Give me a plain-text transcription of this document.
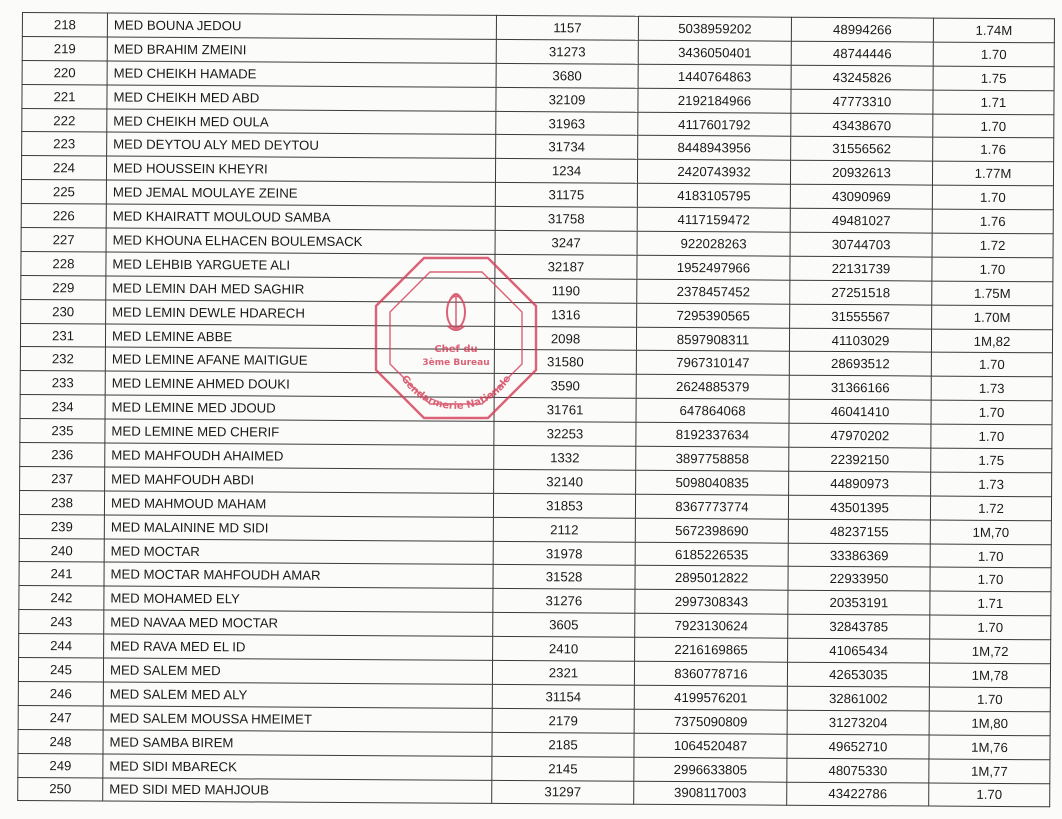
218	MED BOUNA JEDOU	1157	5038959202	48994266	1.74M
219	MED BRAHIM ZMEINI	31273	3436050401	48744446	1.70
220	MED CHEIKH HAMADE	3680	1440764863	43245826	1.75
221	MED CHEIKH MED ABD	32109	2192184966	47773310	1.71
222	MED CHEIKH MED OULA	31963	4117601792	43438670	1.70
223	MED DEYTOU ALY MED DEYTOU	31734	8448943956	31556562	1.76
224	MED HOUSSEIN KHEYRI	1234	2420743932	20932613	1.77M
225	MED JEMAL MOULAYE ZEINE	31175	4183105795	43090969	1.70
226	MED KHAIRATT MOULOUD SAMBA	31758	4117159472	49481027	1.76
227	MED KHOUNA ELHACEN BOULEMSACK	3247	922028263	30744703	1.72
228	MED LEHBIB YARGUETE ALI	32187	1952497966	22131739	1.70
229	MED LEMIN DAH MED SAGHIR	1190	2378457452	27251518	1.75M
230	MED LEMIN DEWLE HDARECH	1316	7295390565	31555567	1.70M
231	MED LEMINE ABBE	2098	8597908311	41103029	1M,82
232	MED LEMINE AFANE MAITIGUE	31580	7967310147	28693512	1.70
233	MED LEMINE AHMED DOUKI	3590	2624885379	31366166	1.73
234	MED LEMINE MED JDOUD	31761	647864068	46041410	1.70
235	MED LEMINE MED CHERIF	32253	8192337634	47970202	1.70
236	MED MAHFOUDH AHAIMED	1332	3897758858	22392150	1.75
237	MED MAHFOUDH ABDI	32140	5098040835	44890973	1.73
238	MED MAHMOUD MAHAM	31853	8367773774	43501395	1.72
239	MED MALAININE MD SIDI	2112	5672398690	48237155	1M,70
240	MED MOCTAR	31978	6185226535	33386369	1.70
241	MED MOCTAR MAHFOUDH AMAR	31528	2895012822	22933950	1.70
242	MED MOHAMED ELY	31276	2997308343	20353191	1.71
243	MED NAVAA MED MOCTAR	3605	7923130624	32843785	1.70
244	MED RAVA MED EL ID	2410	2216169865	41065434	1M,72
245	MED SALEM MED	2321	8360778716	42653035	1M,78
246	MED SALEM MED ALY	31154	4199576201	32861002	1.70
247	MED SALEM MOUSSA HMEIMET	2179	7375090809	31273204	1M,80
248	MED SAMBA BIREM	2185	1064520487	49652710	1M,76
249	MED SIDI MBARECK	2145	2996633805	48075330	1M,77
250	MED SIDI MED MAHJOUB	31297	3908117003	43422786	1.70
Chef du
3ème Bureau
Gendarmerie Nationale
